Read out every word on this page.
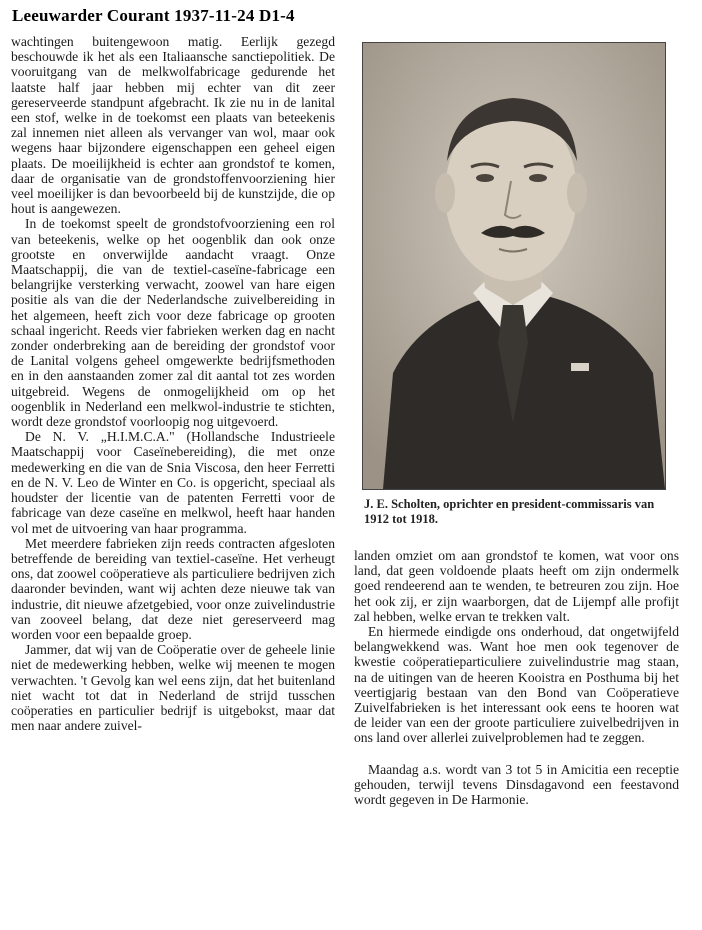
Leeuwarder Courant 1937-11-24 D1-4

wachtingen buitengewoon matig. Eerlijk gezegd beschouwde ik het als een Italiaansche sanctiepolitiek. De vooruitgang van de melkwolfabricage gedurende het laatste half jaar hebben mij echter van dit zeer gereserveerde standpunt afgebracht. Ik zie nu in de lanital een stof, welke in de toekomst een plaats van beteekenis zal innemen niet alleen als vervanger van wol, maar ook wegens haar bijzondere eigenschappen een geheel eigen plaats. De moeilijkheid is echter aan grondstof te komen, daar de organisatie van de grondstoffenvoorziening hier veel moeilijker is dan bevoorbeeld bij de kunstzijde, die op hout is aangewezen.

In de toekomst speelt de grondstofvoorziening een rol van beteekenis, welke op het oogenblik dan ook onze grootste en onverwijlde aandacht vraagt. Onze Maatschappij, die van de textiel-caseïne-fabricage een belangrijke versterking verwacht, zoowel van hare eigen positie als van die der Nederlandsche zuivelbereiding in het algemeen, heeft zich voor deze fabricage op grooten schaal ingericht. Reeds vier fabrieken werken dag en nacht zonder onderbreking aan de bereiding der grondstof voor de Lanital volgens geheel omgewerkte bedrijfsmethoden en in den aanstaanden zomer zal dit aantal tot zes worden uitgebreid. Wegens de onmogelijkheid om op het oogenblik in Nederland een melkwol-industrie te stichten, wordt deze grondstof voorloopig nog uitgevoerd.

De N. V. „H.I.M.C.A." (Hollandsche Industrieele Maatschappij voor Caseïnebereiding), die met onze medewerking en die van de Snia Viscosa, den heer Ferretti en de N. V. Leo de Winter en Co. is opgericht, speciaal als houdster der licentie van de patenten Ferretti voor de fabricage van deze caseïne en melkwol, heeft haar handen vol met de uitvoering van haar programma.

Met meerdere fabrieken zijn reeds contracten afgesloten betreffende de bereiding van textiel-caseïne. Het verheugt ons, dat zoowel coöperatieve als particuliere bedrijven zich daaronder bevinden, want wij achten deze nieuwe tak van industrie, dit nieuwe afzetgebied, voor onze zuivelindustrie van zooveel belang, dat deze niet gereserveerd mag worden voor een bepaalde groep.

Jammer, dat wij van de Coöperatie over de geheele linie niet de medewerking hebben, welke wij meenen te mogen verwachten. 't Gevolg kan wel eens zijn, dat het buitenland niet wacht tot dat in Nederland de strijd tusschen coöperaties en particulier bedrijf is uitgebokst, maar dat men naar andere zuivel-

J. E. Scholten, oprichter en president-commissaris van 1912 tot 1918.

landen omziet om aan grondstof te komen, wat voor ons land, dat geen voldoende plaats heeft om zijn ondermelk goed rendeerend aan te wenden, te betreuren zou zijn. Hoe het ook zij, er zijn waarborgen, dat de Lijempf alle profijt zal hebben, welke ervan te trekken valt.

En hiermede eindigde ons onderhoud, dat ongetwijfeld belangwekkend was. Want hoe men ook tegenover de kwestie coöperatieparticuliere zuivelindustrie mag staan, na de uitingen van de heeren Kooistra en Posthuma bij het veertigjarig bestaan van den Bond van Coöperatieve Zuivelfabrieken is het interessant ook eens te hooren wat de leider van een der groote particuliere zuivelbedrijven in ons land over allerlei zuivelproblemen had te zeggen.

Maandag a.s. wordt van 3 tot 5 in Amicitia een receptie gehouden, terwijl tevens Dinsdagavond een feestavond wordt gegeven in De Harmonie.
